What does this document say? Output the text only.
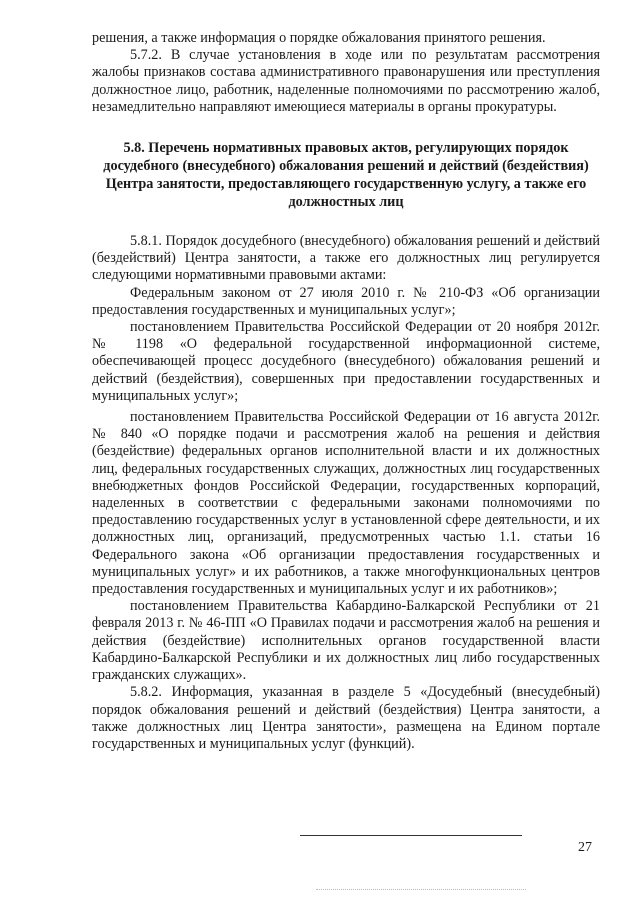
решения, а также информация о порядке обжалования принятого решения.

5.7.2. В случае установления в ходе или по результатам рассмотрения жалобы признаков состава административного правонарушения или преступления должностное лицо, работник, наделенные полномочиями по рассмотрению жалоб, незамедлительно направляют имеющиеся материалы в органы прокуратуры.

5.8. Перечень нормативных правовых актов, регулирующих порядок досудебного (внесудебного) обжалования решений и действий (бездействия) Центра занятости, предоставляющего государственную услугу, а также его должностных лиц

5.8.1. Порядок досудебного (внесудебного) обжалования решений и действий (бездействий) Центра занятости, а также его должностных лиц регулируется следующими нормативными правовыми актами:

Федеральным законом от 27 июля 2010 г. № 210-ФЗ «Об организации предоставления государственных и муниципальных услуг»;

постановлением Правительства Российской Федерации от 20 ноября 2012г. № 1198 «О федеральной государственной информационной системе, обеспечивающей процесс досудебного (внесудебного) обжалования решений и действий (бездействия), совершенных при предоставлении государственных и муниципальных услуг»;

постановлением Правительства Российской Федерации от 16 августа 2012г. № 840 «О порядке подачи и рассмотрения жалоб на решения и действия (бездействие) федеральных органов исполнительной власти и их должностных лиц, федеральных государственных служащих, должностных лиц государственных внебюджетных фондов Российской Федерации, государственных корпораций, наделенных в соответствии с федеральными законами полномочиями по предоставлению государственных услуг в установленной сфере деятельности, и их должностных лиц, организаций, предусмотренных частью 1.1. статьи 16 Федерального закона «Об организации предоставления государственных и муниципальных услуг» и их работников, а также многофункциональных центров предоставления государственных и муниципальных услуг и их работников»;

постановлением Правительства Кабардино-Балкарской Республики от 21 февраля 2013 г. № 46-ПП «О Правилах подачи и рассмотрения жалоб на решения и действия (бездействие) исполнительных органов государственной власти Кабардино-Балкарской Республики и их должностных лиц либо государственных гражданских служащих».

5.8.2. Информация, указанная в разделе 5 «Досудебный (внесудебный) порядок обжалования решений и действий (бездействия) Центра занятости, а также должностных лиц Центра занятости», размещена на Едином портале государственных и муниципальных услуг (функций).

27
